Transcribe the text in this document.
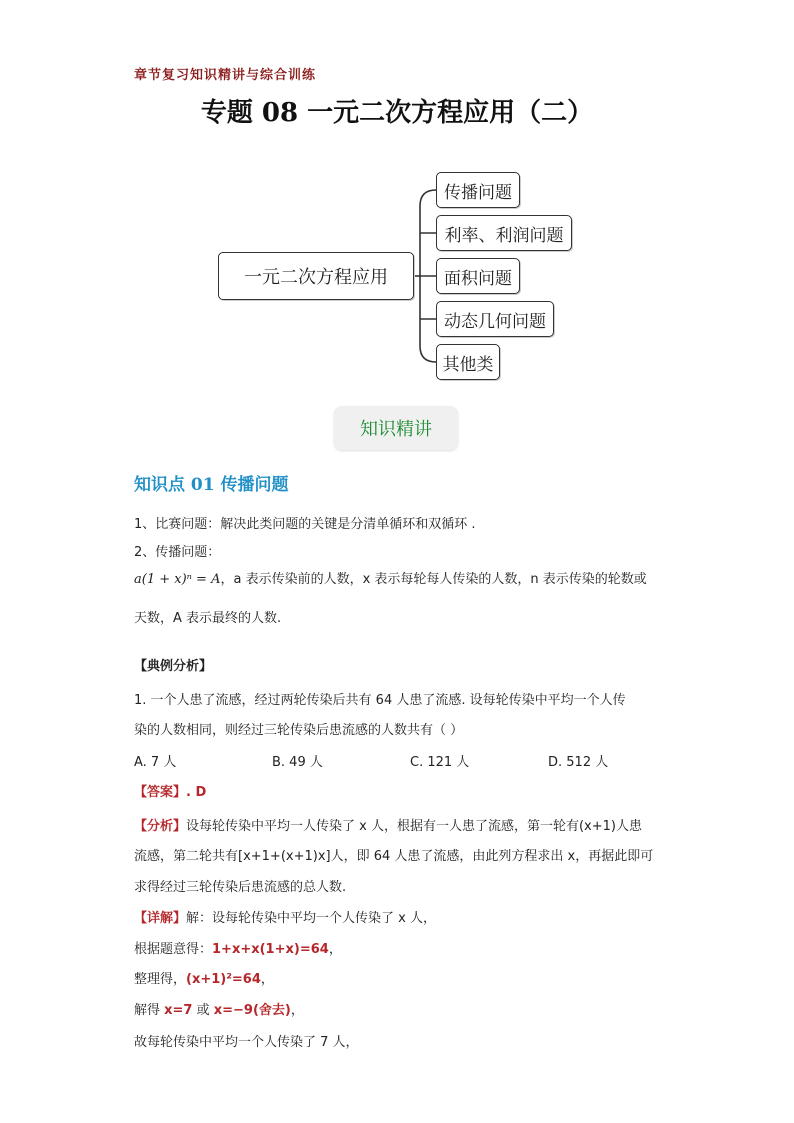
章节复习知识精讲与综合训练
专题 08 一元二次方程应用（二）
一元二次方程应用
传播问题
利率、利润问题
面积问题
动态几何问题
其他类
知识精讲
知识点 01 传播问题
1、比赛问题：解决此类问题的关键是分清单循环和双循环 .
2、传播问题：
a(1 + x)ⁿ = A，a 表示传染前的人数，x 表示每轮每人传染的人数，n 表示传染的轮数或
天数，A 表示最终的人数.
【典例分析】
1. 一个人患了流感，经过两轮传染后共有 64 人患了流感. 设每轮传染中平均一个人传
染的人数相同，则经过三轮传染后患流感的人数共有（ ）
A. 7 人	B. 49 人	C. 121 人	D. 512 人
【答案】. D
【分析】设每轮传染中平均一人传染了 x 人，根据有一人患了流感，第一轮有(x+1)人患
流感，第二轮共有[x+1+(x+1)x]人，即 64 人患了流感，由此列方程求出 x，再据此即可
求得经过三轮传染后患流感的总人数.
【详解】解：设每轮传染中平均一个人传染了 x 人，
根据题意得：1+x+x(1+x)=64，
整理得，(x+1)²=64，
解得 x=7 或 x=−9(舍去)，
故每轮传染中平均一个人传染了 7 人，
